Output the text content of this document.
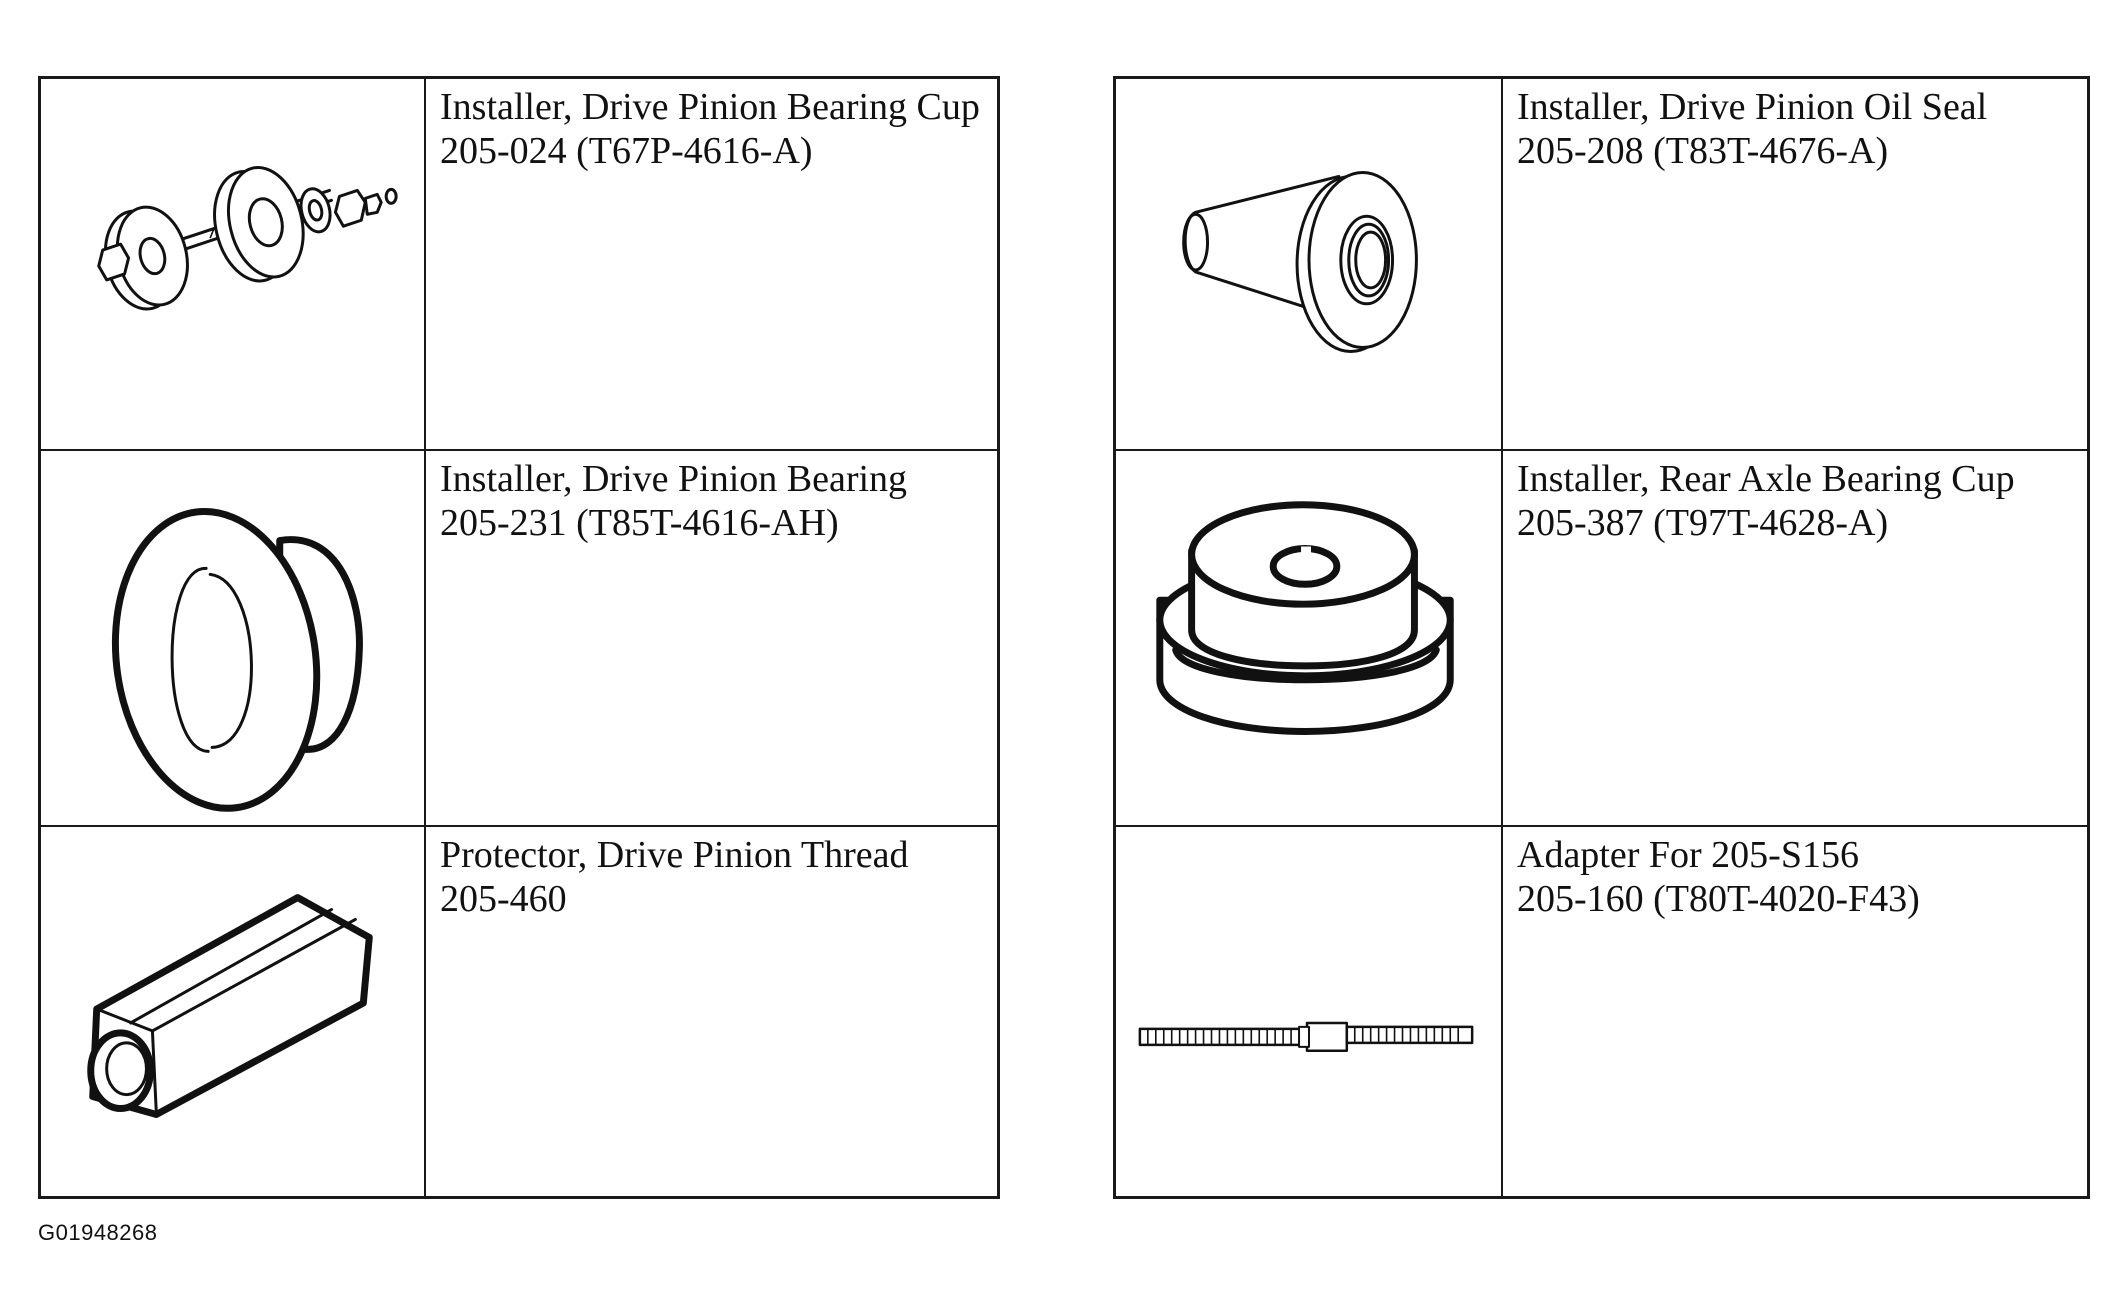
Installer, Drive Pinion Bearing Cup
205-024 (T67P-4616-A)
Installer, Drive Pinion Bearing
205-231 (T85T-4616-AH)
Protector, Drive Pinion Thread
205-460
Installer, Drive Pinion Oil Seal
205-208 (T83T-4676-A)
Installer, Rear Axle Bearing Cup
205-387 (T97T-4628-A)
Adapter For 205-S156
205-160 (T80T-4020-F43)
G01948268
